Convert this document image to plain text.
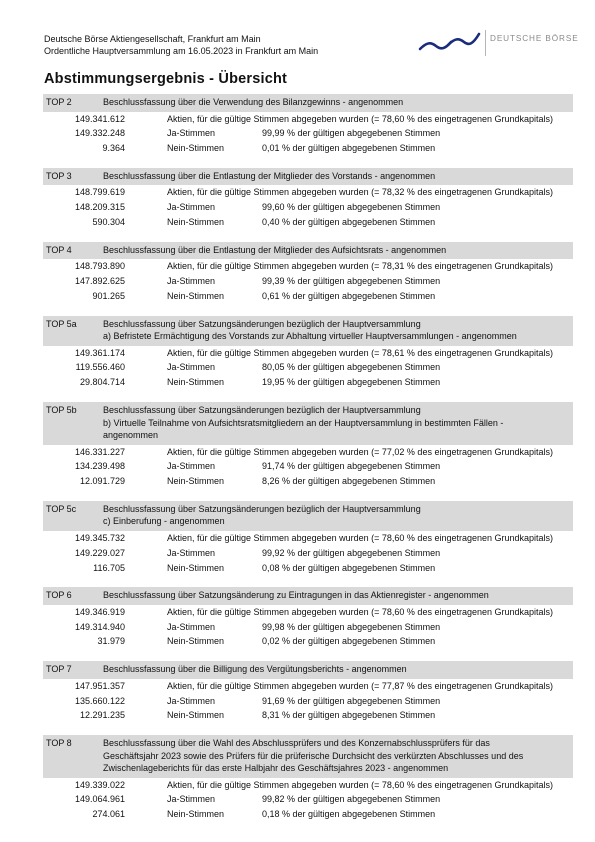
Deutsche Börse Aktiengesellschaft, Frankfurt am Main
Ordentliche Hauptversammlung am 16.05.2023 in Frankfurt am Main
DEUTSCHE BÖRSE
Abstimmungsergebnis - Übersicht
TOP 2	Beschlussfassung über die Verwendung des Bilanzgewinns - angenommen
149.341.612	Aktien, für die gültige Stimmen abgegeben wurden (= 78,60 % des eingetragenen Grundkapitals)
149.332.248	Ja-Stimmen	99,99 % der gültigen abgegebenen Stimmen
9.364	Nein-Stimmen	0,01 % der gültigen abgegebenen Stimmen
TOP 3	Beschlussfassung über die Entlastung der Mitglieder des Vorstands - angenommen
148.799.619	Aktien, für die gültige Stimmen abgegeben wurden (= 78,32 % des eingetragenen Grundkapitals)
148.209.315	Ja-Stimmen	99,60 % der gültigen abgegebenen Stimmen
590.304	Nein-Stimmen	0,40 % der gültigen abgegebenen Stimmen
TOP 4	Beschlussfassung über die Entlastung der Mitglieder des Aufsichtsrats - angenommen
148.793.890	Aktien, für die gültige Stimmen abgegeben wurden (= 78,31 % des eingetragenen Grundkapitals)
147.892.625	Ja-Stimmen	99,39 % der gültigen abgegebenen Stimmen
901.265	Nein-Stimmen	0,61 % der gültigen abgegebenen Stimmen
TOP 5a	Beschlussfassung über Satzungsänderungen bezüglich der Hauptversammlung
a) Befristete Ermächtigung des Vorstands zur Abhaltung virtueller Hauptversammlungen - angenommen
149.361.174	Aktien, für die gültige Stimmen abgegeben wurden (= 78,61 % des eingetragenen Grundkapitals)
119.556.460	Ja-Stimmen	80,05 % der gültigen abgegebenen Stimmen
29.804.714	Nein-Stimmen	19,95 % der gültigen abgegebenen Stimmen
TOP 5b	Beschlussfassung über Satzungsänderungen bezüglich der Hauptversammlung
b) Virtuelle Teilnahme von Aufsichtsratsmitgliedern an der Hauptversammlung in bestimmten Fällen -
angenommen
146.331.227	Aktien, für die gültige Stimmen abgegeben wurden (= 77,02 % des eingetragenen Grundkapitals)
134.239.498	Ja-Stimmen	91,74 % der gültigen abgegebenen Stimmen
12.091.729	Nein-Stimmen	8,26 % der gültigen abgegebenen Stimmen
TOP 5c	Beschlussfassung über Satzungsänderungen bezüglich der Hauptversammlung
c) Einberufung - angenommen
149.345.732	Aktien, für die gültige Stimmen abgegeben wurden (= 78,60 % des eingetragenen Grundkapitals)
149.229.027	Ja-Stimmen	99,92 % der gültigen abgegebenen Stimmen
116.705	Nein-Stimmen	0,08 % der gültigen abgegebenen Stimmen
TOP 6	Beschlussfassung über Satzungsänderung zu Eintragungen in das Aktienregister - angenommen
149.346.919	Aktien, für die gültige Stimmen abgegeben wurden (= 78,60 % des eingetragenen Grundkapitals)
149.314.940	Ja-Stimmen	99,98 % der gültigen abgegebenen Stimmen
31.979	Nein-Stimmen	0,02 % der gültigen abgegebenen Stimmen
TOP 7	Beschlussfassung über die Billigung des Vergütungsberichts - angenommen
147.951.357	Aktien, für die gültige Stimmen abgegeben wurden (= 77,87 % des eingetragenen Grundkapitals)
135.660.122	Ja-Stimmen	91,69 % der gültigen abgegebenen Stimmen
12.291.235	Nein-Stimmen	8,31 % der gültigen abgegebenen Stimmen
TOP 8	Beschlussfassung über die Wahl des Abschlussprüfers und des Konzernabschlussprüfers für das
Geschäftsjahr 2023 sowie des Prüfers für die prüferische Durchsicht des verkürzten Abschlusses und des
Zwischenlageberichts für das erste Halbjahr des Geschäftsjahres 2023 - angenommen
149.339.022	Aktien, für die gültige Stimmen abgegeben wurden (= 78,60 % des eingetragenen Grundkapitals)
149.064.961	Ja-Stimmen	99,82 % der gültigen abgegebenen Stimmen
274.061	Nein-Stimmen	0,18 % der gültigen abgegebenen Stimmen
